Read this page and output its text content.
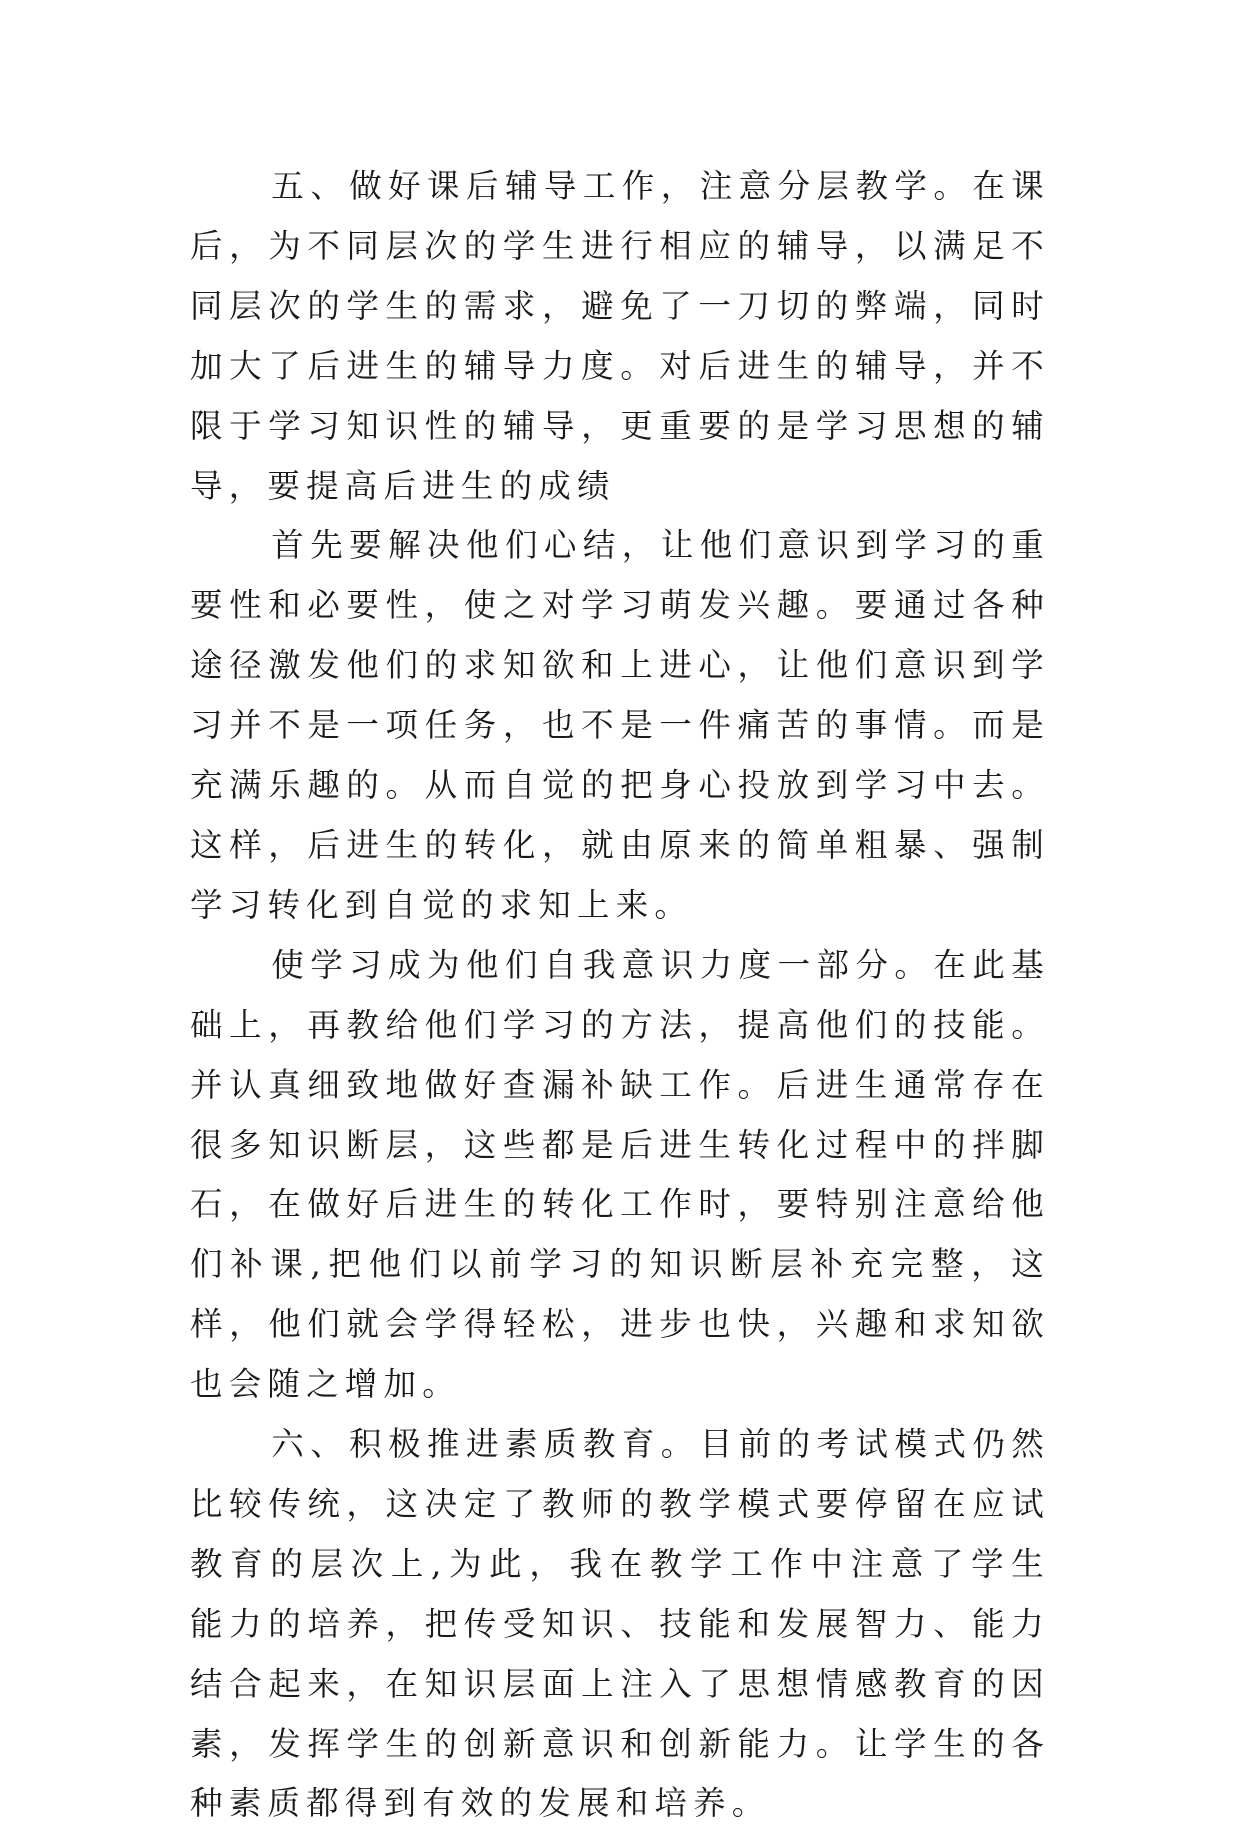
五、做好课后辅导工作，注意分层教学。在课后，为不同层次的学生进行相应的辅导，以满足不同层次的学生的需求，避免了一刀切的弊端，同时加大了后进生的辅导力度。对后进生的辅导，并不限于学习知识性的辅导，更重要的是学习思想的辅导，要提高后进生的成绩

首先要解决他们心结，让他们意识到学习的重要性和必要性，使之对学习萌发兴趣。要通过各种途径激发他们的求知欲和上进心，让他们意识到学习并不是一项任务，也不是一件痛苦的事情。而是充满乐趣的。从而自觉的把身心投放到学习中去。这样，后进生的转化，就由原来的简单粗暴、强制学习转化到自觉的求知上来。

使学习成为他们自我意识力度一部分。在此基础上，再教给他们学习的方法，提高他们的技能。并认真细致地做好查漏补缺工作。后进生通常存在很多知识断层，这些都是后进生转化过程中的拌脚石，在做好后进生的转化工作时，要特别注意给他们补课,把他们以前学习的知识断层补充完整，这样，他们就会学得轻松，进步也快，兴趣和求知欲也会随之增加。

六、积极推进素质教育。目前的考试模式仍然比较传统，这决定了教师的教学模式要停留在应试教育的层次上,为此，我在教学工作中注意了学生能力的培养，把传受知识、技能和发展智力、能力结合起来，在知识层面上注入了思想情感教育的因素，发挥学生的创新意识和创新能力。让学生的各种素质都得到有效的发展和培养。
